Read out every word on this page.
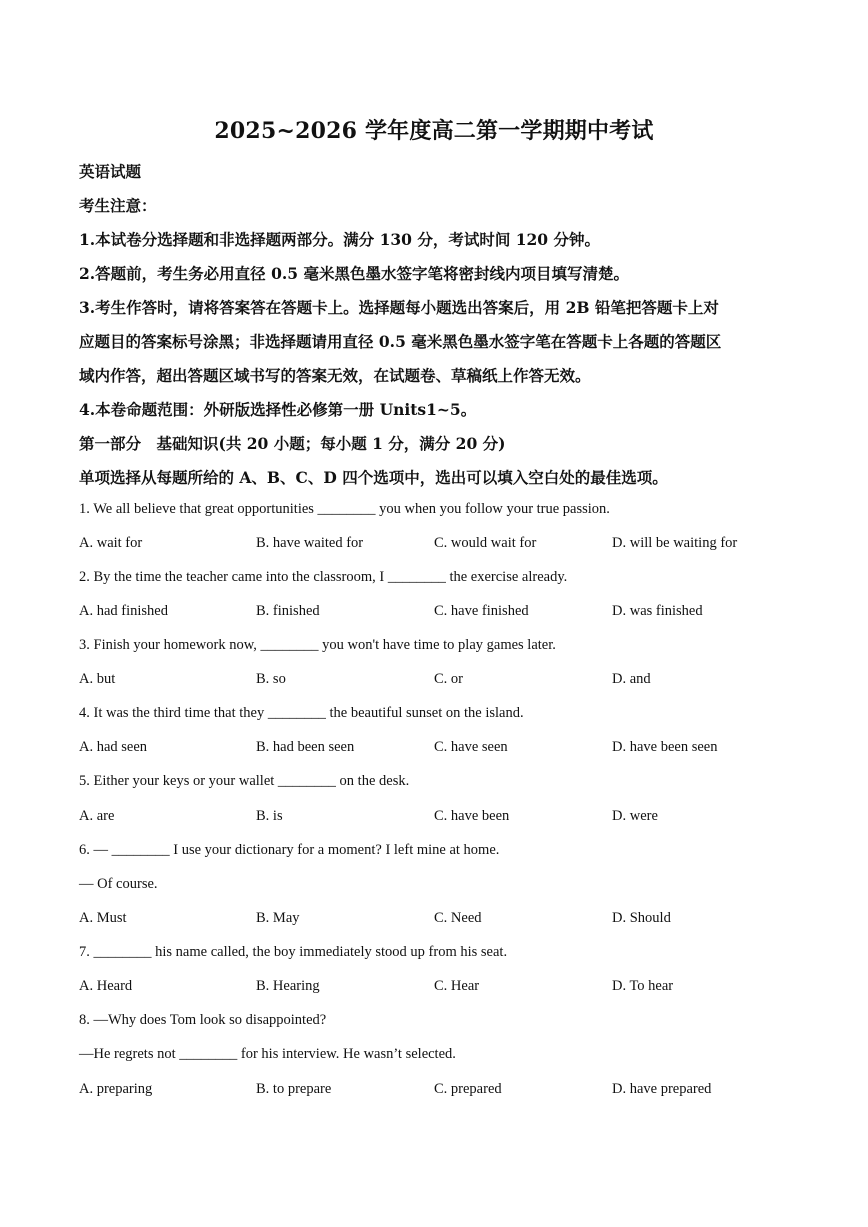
2025~2026 学年度高二第一学期期中考试
英语试题
考生注意：
1.本试卷分选择题和非选择题两部分。满分 130 分，考试时间 120 分钟。
2.答题前，考生务必用直径 0.5 毫米黑色墨水签字笔将密封线内项目填写清楚。
3.考生作答时，请将答案答在答题卡上。选择题每小题选出答案后，用 2B 铅笔把答题卡上对
应题目的答案标号涂黑；非选择题请用直径 0.5 毫米黑色墨水签字笔在答题卡上各题的答题区
域内作答，超出答题区域书写的答案无效，在试题卷、草稿纸上作答无效。
4.本卷命题范围：外研版选择性必修第一册 Units1~5。
第一部分　基础知识(共 20 小题；每小题 1 分，满分 20 分)
单项选择从每题所给的 A、B、C、D 四个选项中，选出可以填入空白处的最佳选项。
1. We all believe that great opportunities ________ you when you follow your true passion.
A. wait for	B. have waited for	C. would wait for	D. will be waiting for
2. By the time the teacher came into the classroom, I ________ the exercise already.
A. had finished	B. finished	C. have finished	D. was finished
3. Finish your homework now, ________ you won't have time to play games later.
A. but	B. so	C. or	D. and
4. It was the third time that they ________ the beautiful sunset on the island.
A. had seen	B. had been seen	C. have seen	D. have been seen
5. Either your keys or your wallet ________ on the desk.
A. are	B. is	C. have been	D. were
6. — ________ I use your dictionary for a moment? I left mine at home.
— Of course.
A. Must	B. May	C. Need	D. Should
7. ________ his name called, the boy immediately stood up from his seat.
A. Heard	B. Hearing	C. Hear	D. To hear
8. —Why does Tom look so disappointed?
—He regrets not ________ for his interview. He wasn’t selected.
A. preparing	B. to prepare	C. prepared	D. have prepared
